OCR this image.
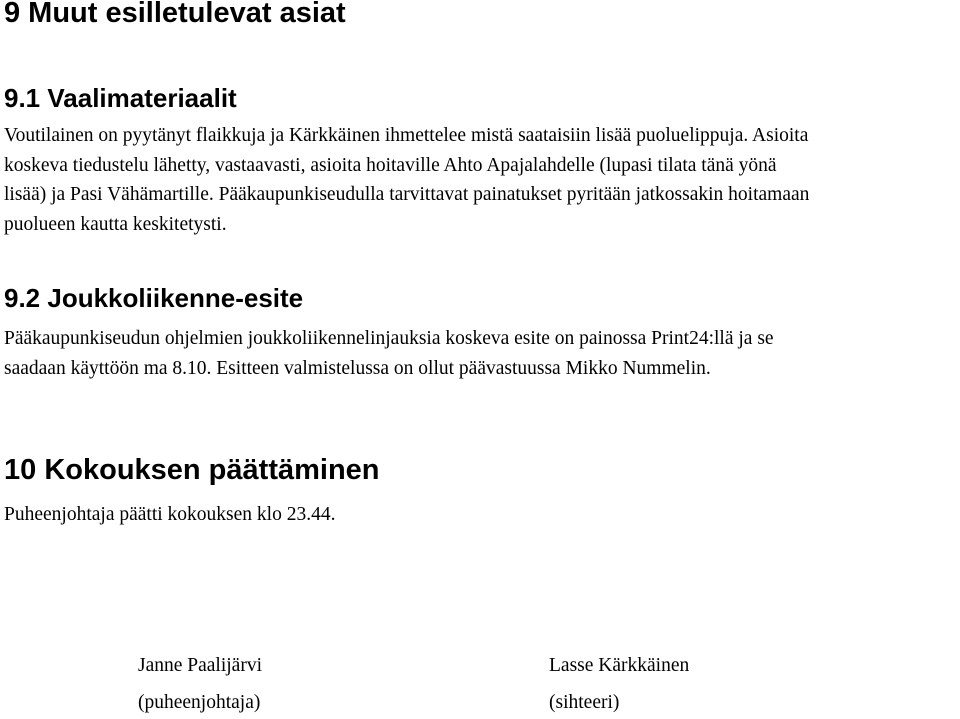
9 Muut esilletulevat asiat
9.1 Vaalimateriaalit
Voutilainen on pyytänyt flaikkuja ja Kärkkäinen ihmettelee mistä saataisiin lisää puoluelippuja. Asioita
koskeva tiedustelu lähetty, vastaavasti, asioita hoitaville Ahto Apajalahdelle (lupasi tilata tänä yönä
lisää) ja Pasi Vähämartille. Pääkaupunkiseudulla tarvittavat painatukset pyritään jatkossakin hoitamaan
puolueen kautta keskitetysti.
9.2 Joukkoliikenne-esite
Pääkaupunkiseudun ohjelmien joukkoliikennelinjauksia koskeva esite on painossa Print24:llä ja se
saadaan käyttöön ma 8.10. Esitteen valmistelussa on ollut päävastuussa Mikko Nummelin.
10 Kokouksen päättäminen
Puheenjohtaja päätti kokouksen klo 23.44.
Janne Paalijärvi
(puheenjohtaja)
Lasse Kärkkäinen
(sihteeri)
